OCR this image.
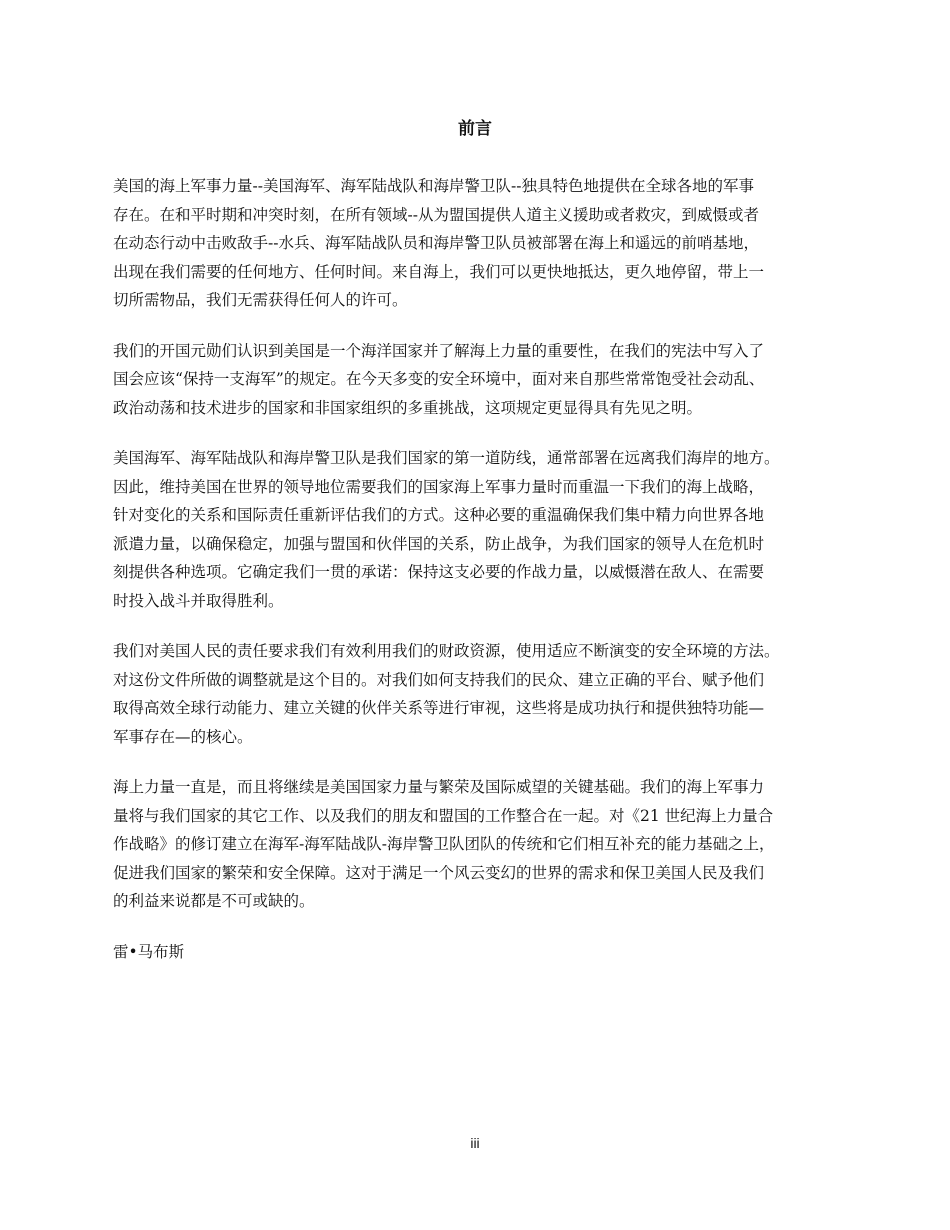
前言

美国的海上军事力量--美国海军、海军陆战队和海岸警卫队--独具特色地提供在全球各地的军事
存在。在和平时期和冲突时刻，在所有领域--从为盟国提供人道主义援助或者救灾，到威慑或者
在动态行动中击败敌手--水兵、海军陆战队员和海岸警卫队员被部署在海上和遥远的前哨基地，
出现在我们需要的任何地方、任何时间。来自海上，我们可以更快地抵达，更久地停留，带上一
切所需物品，我们无需获得任何人的许可。

我们的开国元勋们认识到美国是一个海洋国家并了解海上力量的重要性，在我们的宪法中写入了
国会应该“保持一支海军”的规定。在今天多变的安全环境中，面对来自那些常常饱受社会动乱、
政治动荡和技术进步的国家和非国家组织的多重挑战，这项规定更显得具有先见之明。

美国海军、海军陆战队和海岸警卫队是我们国家的第一道防线，通常部署在远离我们海岸的地方。
因此，维持美国在世界的领导地位需要我们的国家海上军事力量时而重温一下我们的海上战略，
针对变化的关系和国际责任重新评估我们的方式。这种必要的重温确保我们集中精力向世界各地
派遣力量，以确保稳定，加强与盟国和伙伴国的关系，防止战争，为我们国家的领导人在危机时
刻提供各种选项。它确定我们一贯的承诺：保持这支必要的作战力量，以威慑潜在敌人、在需要
时投入战斗并取得胜利。

我们对美国人民的责任要求我们有效利用我们的财政资源，使用适应不断演变的安全环境的方法。
对这份文件所做的调整就是这个目的。对我们如何支持我们的民众、建立正确的平台、赋予他们
取得高效全球行动能力、建立关键的伙伴关系等进行审视，这些将是成功执行和提供独特功能—
军事存在—的核心。

海上力量一直是，而且将继续是美国国家力量与繁荣及国际威望的关键基础。我们的海上军事力
量将与我们国家的其它工作、以及我们的朋友和盟国的工作整合在一起。对《21 世纪海上力量合
作战略》的修订建立在海军-海军陆战队-海岸警卫队团队的传统和它们相互补充的能力基础之上，
促进我们国家的繁荣和安全保障。这对于满足一个风云变幻的世界的需求和保卫美国人民及我们
的利益来说都是不可或缺的。

雷•马布斯

iii
